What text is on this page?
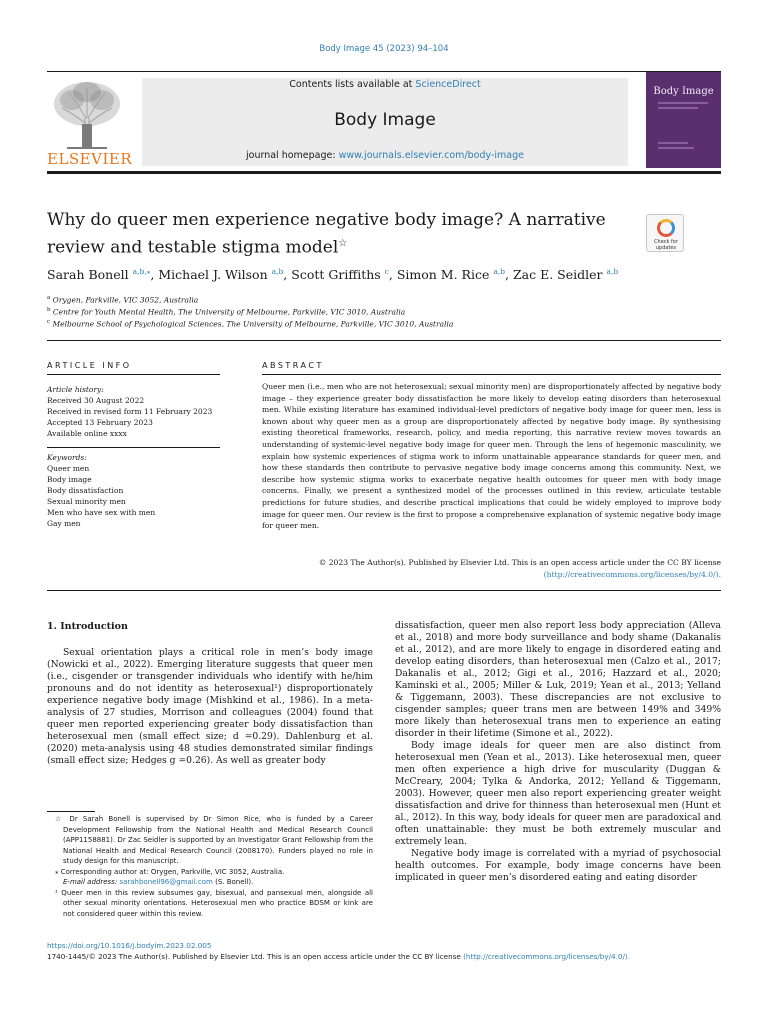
Body Image 45 (2023) 94–104
ELSEVIER
Contents lists available at ScienceDirect
Body Image
journal homepage: www.journals.elsevier.com/body-image
Body Image
Why do queer men experience negative body image? A narrative review and testable stigma model☆	Check for updates
Sarah Bonell $^{a,b,⁎}$, Michael J. Wilson $^{a,b}$, Scott Griffiths $^c$, Simon M. Rice $^{a,b}$, Zac E. Seidler $^{a,b}$
$^a$ Orygen, Parkville, VIC 3052, Australia
$^b$ Centre for Youth Mental Health, The University of Melbourne, Parkville, VIC 3010, Australia
$^c$ Melbourne School of Psychological Sciences, The University of Melbourne, Parkville, VIC 3010, Australia
ARTICLE INFO
Article history:
Received 30 August 2022
Received in revised form 11 February 2023
Accepted 13 February 2023
Available online xxxx
Keywords:
Queer men
Body image
Body dissatisfaction
Sexual minority men
Men who have sex with men
Gay men
ABSTRACT
Queer men (i.e., men who are not heterosexual; sexual minority men) are disproportionately affected by negative body image – they experience greater body dissatisfaction be more likely to develop eating disorders than heterosexual men. While existing literature has examined individual-level predictors of negative body image for queer men, less is known about why queer men as a group are disproportionately affected by negative body image. By synthesising existing theoretical frameworks, research, policy, and media reporting, this narrative review moves towards an understanding of systemic-level negative body image for queer men. Through the lens of hegemonic masculinity, we explain how systemic experiences of stigma work to inform unattainable appearance standards for queer men, and how these standards then contribute to pervasive negative body image concerns among this community. Next, we describe how systemic stigma works to exacerbate negative health outcomes for queer men with body image concerns. Finally, we present a synthesized model of the processes outlined in this review, articulate testable predictions for future studies, and describe practical implications that could be widely employed to improve body image for queer men. Our review is the first to propose a comprehensive explanation of systemic negative body image for queer men.
© 2023 The Author(s). Published by Elsevier Ltd. This is an open access article under the CC BY license
(http://creativecommons.org/licenses/by/4.0/).
1. Introduction

Sexual orientation plays a critical role in men’s body image (Nowicki et al., 2022). Emerging literature suggests that queer men (i.e., cisgender or transgender individuals who identify with he/him pronouns and do not identity as heterosexual¹) disproportionately experience negative body image (Mishkind et al., 1986). In a meta-analysis of 27 studies, Morrison and colleagues (2004) found that queer men reported experiencing greater body dissatisfaction than heterosexual men (small effect size; d =0.29). Dahlenburg et al. (2020) meta-analysis using 48 studies demonstrated similar findings (small effect size; Hedges g =0.26). As well as greater body

dissatisfaction, queer men also report less body appreciation (Alleva et al., 2018) and more body surveillance and body shame (Dakanalis et al., 2012), and are more likely to engage in disordered eating and develop eating disorders, than heterosexual men (Calzo et al., 2017; Dakanalis et al., 2012; Gigi et al., 2016; Hazzard et al., 2020; Kaminski et al., 2005; Miller & Luk, 2019; Yean et al., 2013; Yelland & Tiggemann, 2003). These discrepancies are not exclusive to cisgender samples; queer trans men are between 149% and 349% more likely than heterosexual trans men to experience an eating disorder in their lifetime (Simone et al., 2022).

Body image ideals for queer men are also distinct from heterosexual men (Yean et al., 2013). Like heterosexual men, queer men often experience a high drive for muscularity (Duggan & McCreary, 2004; Tylka & Andorka, 2012; Yelland & Tiggemann, 2003). However, queer men also report experiencing greater weight dissatisfaction and drive for thinness than heterosexual men (Hunt et al., 2012). In this way, body ideals for queer men are paradoxical and often unattainable: they must be both extremely muscular and extremely lean.

Negative body image is correlated with a myriad of psychosocial health outcomes. For example, body image concerns have been implicated in queer men’s disordered eating and eating disorder

☆ Dr Sarah Bonell is supervised by Dr Simon Rice, who is funded by a Career Development Fellowship from the National Health and Medical Research Council (APP1158881). Dr Zac Seidler is supported by an Investigator Grant Fellowship from the National Health and Medical Research Council (2008170). Funders played no role in study design for this manuscript.
⁎ Corresponding author at: Orygen, Parkville, VIC 3052, Australia.
E-mail address: sarahbonell96@gmail.com (S. Bonell).
¹ Queer men in this review subsumes gay, bisexual, and pansexual men, alongside all other sexual minority orientations. Heterosexual men who practice BDSM or kink are not considered queer within this review.
https://doi.org/10.1016/j.bodyim.2023.02.005
1740-1445/© 2023 The Author(s). Published by Elsevier Ltd. This is an open access article under the CC BY license (http://creativecommons.org/licenses/by/4.0/).
